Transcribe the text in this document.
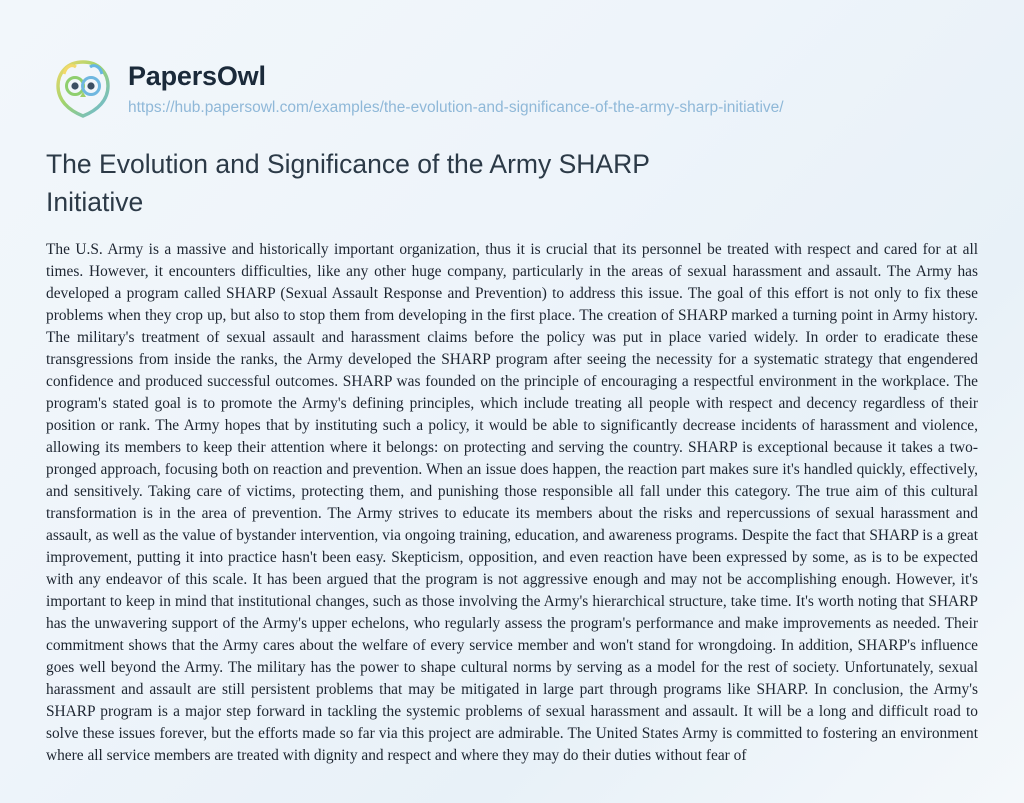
PapersOwl
https://hub.papersowl.com/examples/the-evolution-and-significance-of-the-army-sharp-initiative/
The Evolution and Significance of the Army SHARP Initiative
The U.S. Army is a massive and historically important organization, thus it is crucial that its personnel be treated with respect and cared for at all times. However, it encounters difficulties, like any other huge company, particularly in the areas of sexual harassment and assault. The Army has developed a program called SHARP (Sexual Assault Response and Prevention) to address this issue. The goal of this effort is not only to fix these problems when they crop up, but also to stop them from developing in the first place. The creation of SHARP marked a turning point in Army history. The military's treatment of sexual assault and harassment claims before the policy was put in place varied widely. In order to eradicate these transgressions from inside the ranks, the Army developed the SHARP program after seeing the necessity for a systematic strategy that engendered confidence and produced successful outcomes. SHARP was founded on the principle of encouraging a respectful environment in the workplace. The program's stated goal is to promote the Army's defining principles, which include treating all people with respect and decency regardless of their position or rank. The Army hopes that by instituting such a policy, it would be able to significantly decrease incidents of harassment and violence, allowing its members to keep their attention where it belongs: on protecting and serving the country. SHARP is exceptional because it takes a two-pronged approach, focusing both on reaction and prevention. When an issue does happen, the reaction part makes sure it's handled quickly, effectively, and sensitively. Taking care of victims, protecting them, and punishing those responsible all fall under this category. The true aim of this cultural transformation is in the area of prevention. The Army strives to educate its members about the risks and repercussions of sexual harassment and assault, as well as the value of bystander intervention, via ongoing training, education, and awareness programs. Despite the fact that SHARP is a great improvement, putting it into practice hasn't been easy. Skepticism, opposition, and even reaction have been expressed by some, as is to be expected with any endeavor of this scale. It has been argued that the program is not aggressive enough and may not be accomplishing enough. However, it's important to keep in mind that institutional changes, such as those involving the Army's hierarchical structure, take time. It's worth noting that SHARP has the unwavering support of the Army's upper echelons, who regularly assess the program's performance and make improvements as needed. Their commitment shows that the Army cares about the welfare of every service member and won't stand for wrongdoing. In addition, SHARP's influence goes well beyond the Army. The military has the power to shape cultural norms by serving as a model for the rest of society. Unfortunately, sexual harassment and assault are still persistent problems that may be mitigated in large part through programs like SHARP. In conclusion, the Army's SHARP program is a major step forward in tackling the systemic problems of sexual harassment and assault. It will be a long and difficult road to solve these issues forever, but the efforts made so far via this project are admirable. The United States Army is committed to fostering an environment where all service members are treated with dignity and respect and where they may do their duties without fear of
